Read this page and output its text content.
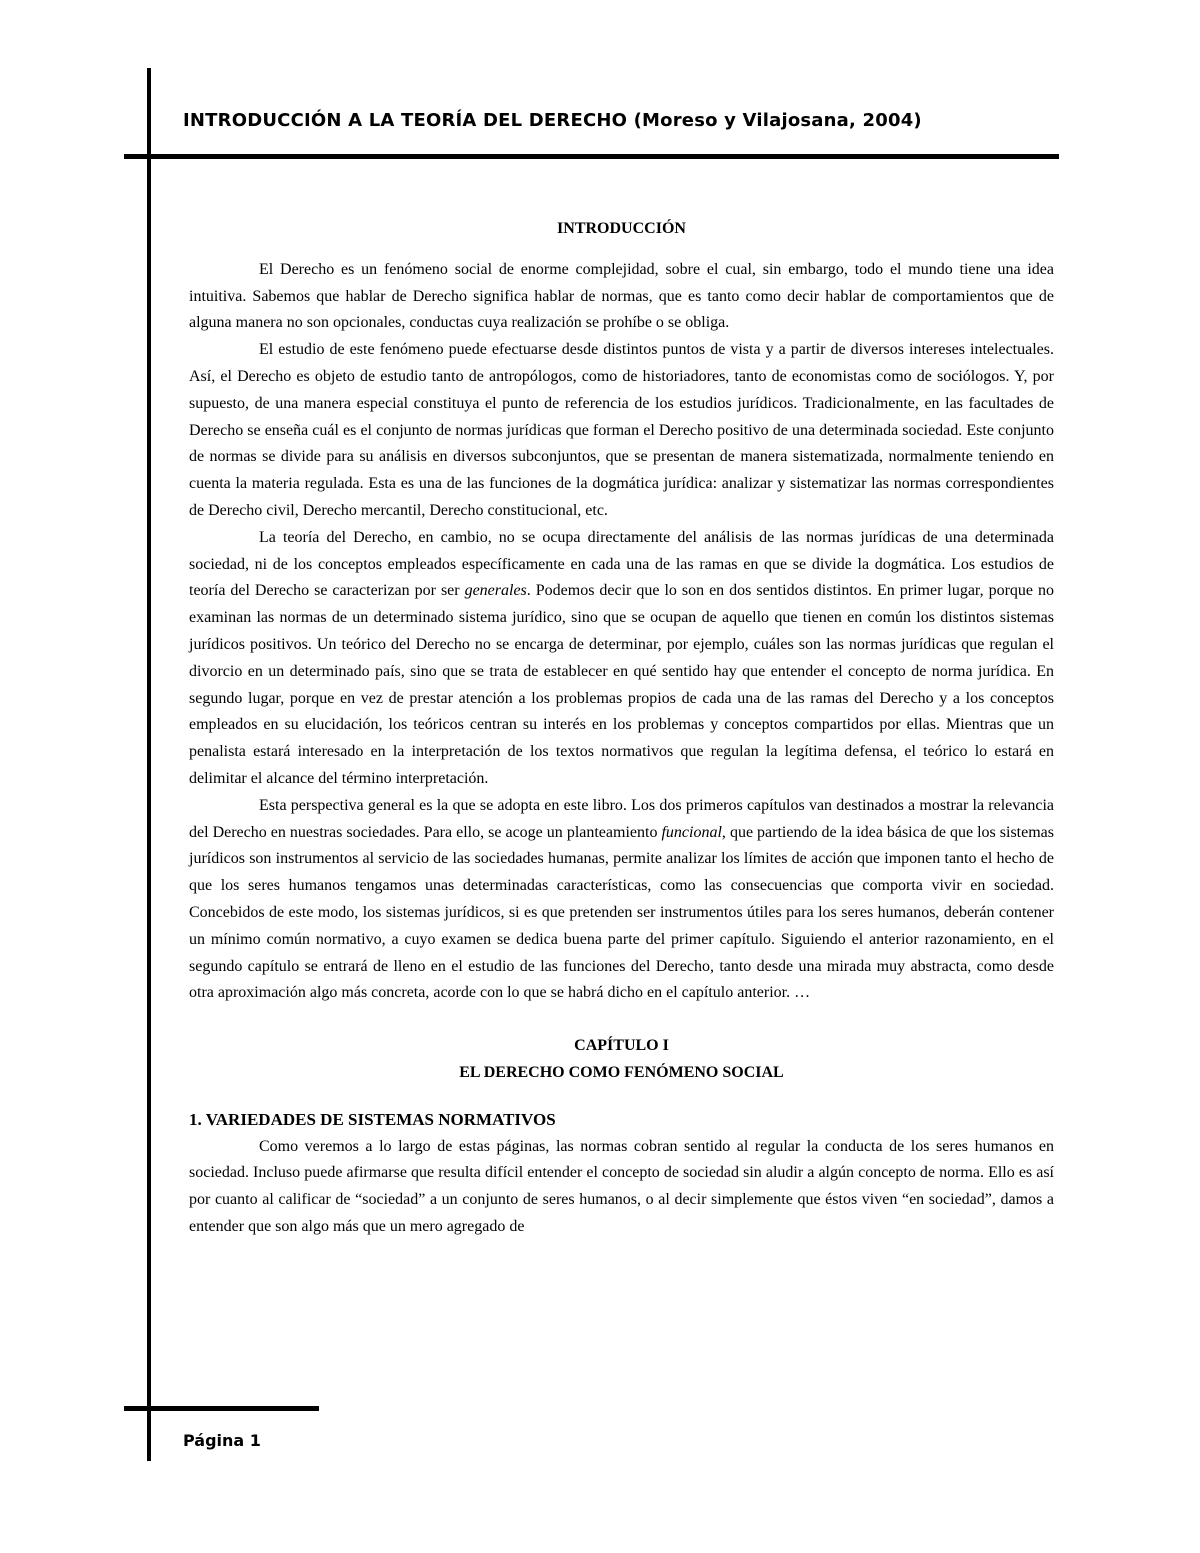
INTRODUCCIÓN A LA TEORÍA DEL DERECHO (Moreso y Vilajosana, 2004)
INTRODUCCIÓN

El Derecho es un fenómeno social de enorme complejidad, sobre el cual, sin embargo, todo el mundo tiene una idea intuitiva. Sabemos que hablar de Derecho significa hablar de normas, que es tanto como decir hablar de comportamientos que de alguna manera no son opcionales, conductas cuya realización se prohíbe o se obliga.

El estudio de este fenómeno puede efectuarse desde distintos puntos de vista y a partir de diversos intereses intelectuales. Así, el Derecho es objeto de estudio tanto de antropólogos, como de historiadores, tanto de economistas como de sociólogos. Y, por supuesto, de una manera especial constituya el punto de referencia de los estudios jurídicos. Tradicionalmente, en las facultades de Derecho se enseña cuál es el conjunto de normas jurídicas que forman el Derecho positivo de una determinada sociedad. Este conjunto de normas se divide para su análisis en diversos subconjuntos, que se presentan de manera sistematizada, normalmente teniendo en cuenta la materia regulada. Esta es una de las funciones de la dogmática jurídica: analizar y sistematizar las normas correspondientes de Derecho civil, Derecho mercantil, Derecho constitucional, etc.

La teoría del Derecho, en cambio, no se ocupa directamente del análisis de las normas jurídicas de una determinada sociedad, ni de los conceptos empleados específicamente en cada una de las ramas en que se divide la dogmática. Los estudios de teoría del Derecho se caracterizan por ser generales. Podemos decir que lo son en dos sentidos distintos. En primer lugar, porque no examinan las normas de un determinado sistema jurídico, sino que se ocupan de aquello que tienen en común los distintos sistemas jurídicos positivos. Un teórico del Derecho no se encarga de determinar, por ejemplo, cuáles son las normas jurídicas que regulan el divorcio en un determinado país, sino que se trata de establecer en qué sentido hay que entender el concepto de norma jurídica. En segundo lugar, porque en vez de prestar atención a los problemas propios de cada una de las ramas del Derecho y a los conceptos empleados en su elucidación, los teóricos centran su interés en los problemas y conceptos compartidos por ellas. Mientras que un penalista estará interesado en la interpretación de los textos normativos que regulan la legítima defensa, el teórico lo estará en delimitar el alcance del término interpretación.

Esta perspectiva general es la que se adopta en este libro. Los dos primeros capítulos van destinados a mostrar la relevancia del Derecho en nuestras sociedades. Para ello, se acoge un planteamiento funcional, que partiendo de la idea básica de que los sistemas jurídicos son instrumentos al servicio de las sociedades humanas, permite analizar los límites de acción que imponen tanto el hecho de que los seres humanos tengamos unas determinadas características, como las consecuencias que comporta vivir en sociedad. Concebidos de este modo, los sistemas jurídicos, si es que pretenden ser instrumentos útiles para los seres humanos, deberán contener un mínimo común normativo, a cuyo examen se dedica buena parte del primer capítulo. Siguiendo el anterior razonamiento, en el segundo capítulo se entrará de lleno en el estudio de las funciones del Derecho, tanto desde una mirada muy abstracta, como desde otra aproximación algo más concreta, acorde con lo que se habrá dicho en el capítulo anterior. …

CAPÍTULO I
EL DERECHO COMO FENÓMENO SOCIAL
1. VARIEDADES DE SISTEMAS NORMATIVOS

Como veremos a lo largo de estas páginas, las normas cobran sentido al regular la conducta de los seres humanos en sociedad. Incluso puede afirmarse que resulta difícil entender el concepto de sociedad sin aludir a algún concepto de norma. Ello es así por cuanto al calificar de “sociedad” a un conjunto de seres humanos, o al decir simplemente que éstos viven “en sociedad”, damos a entender que son algo más que un mero agregado de

Página 1
